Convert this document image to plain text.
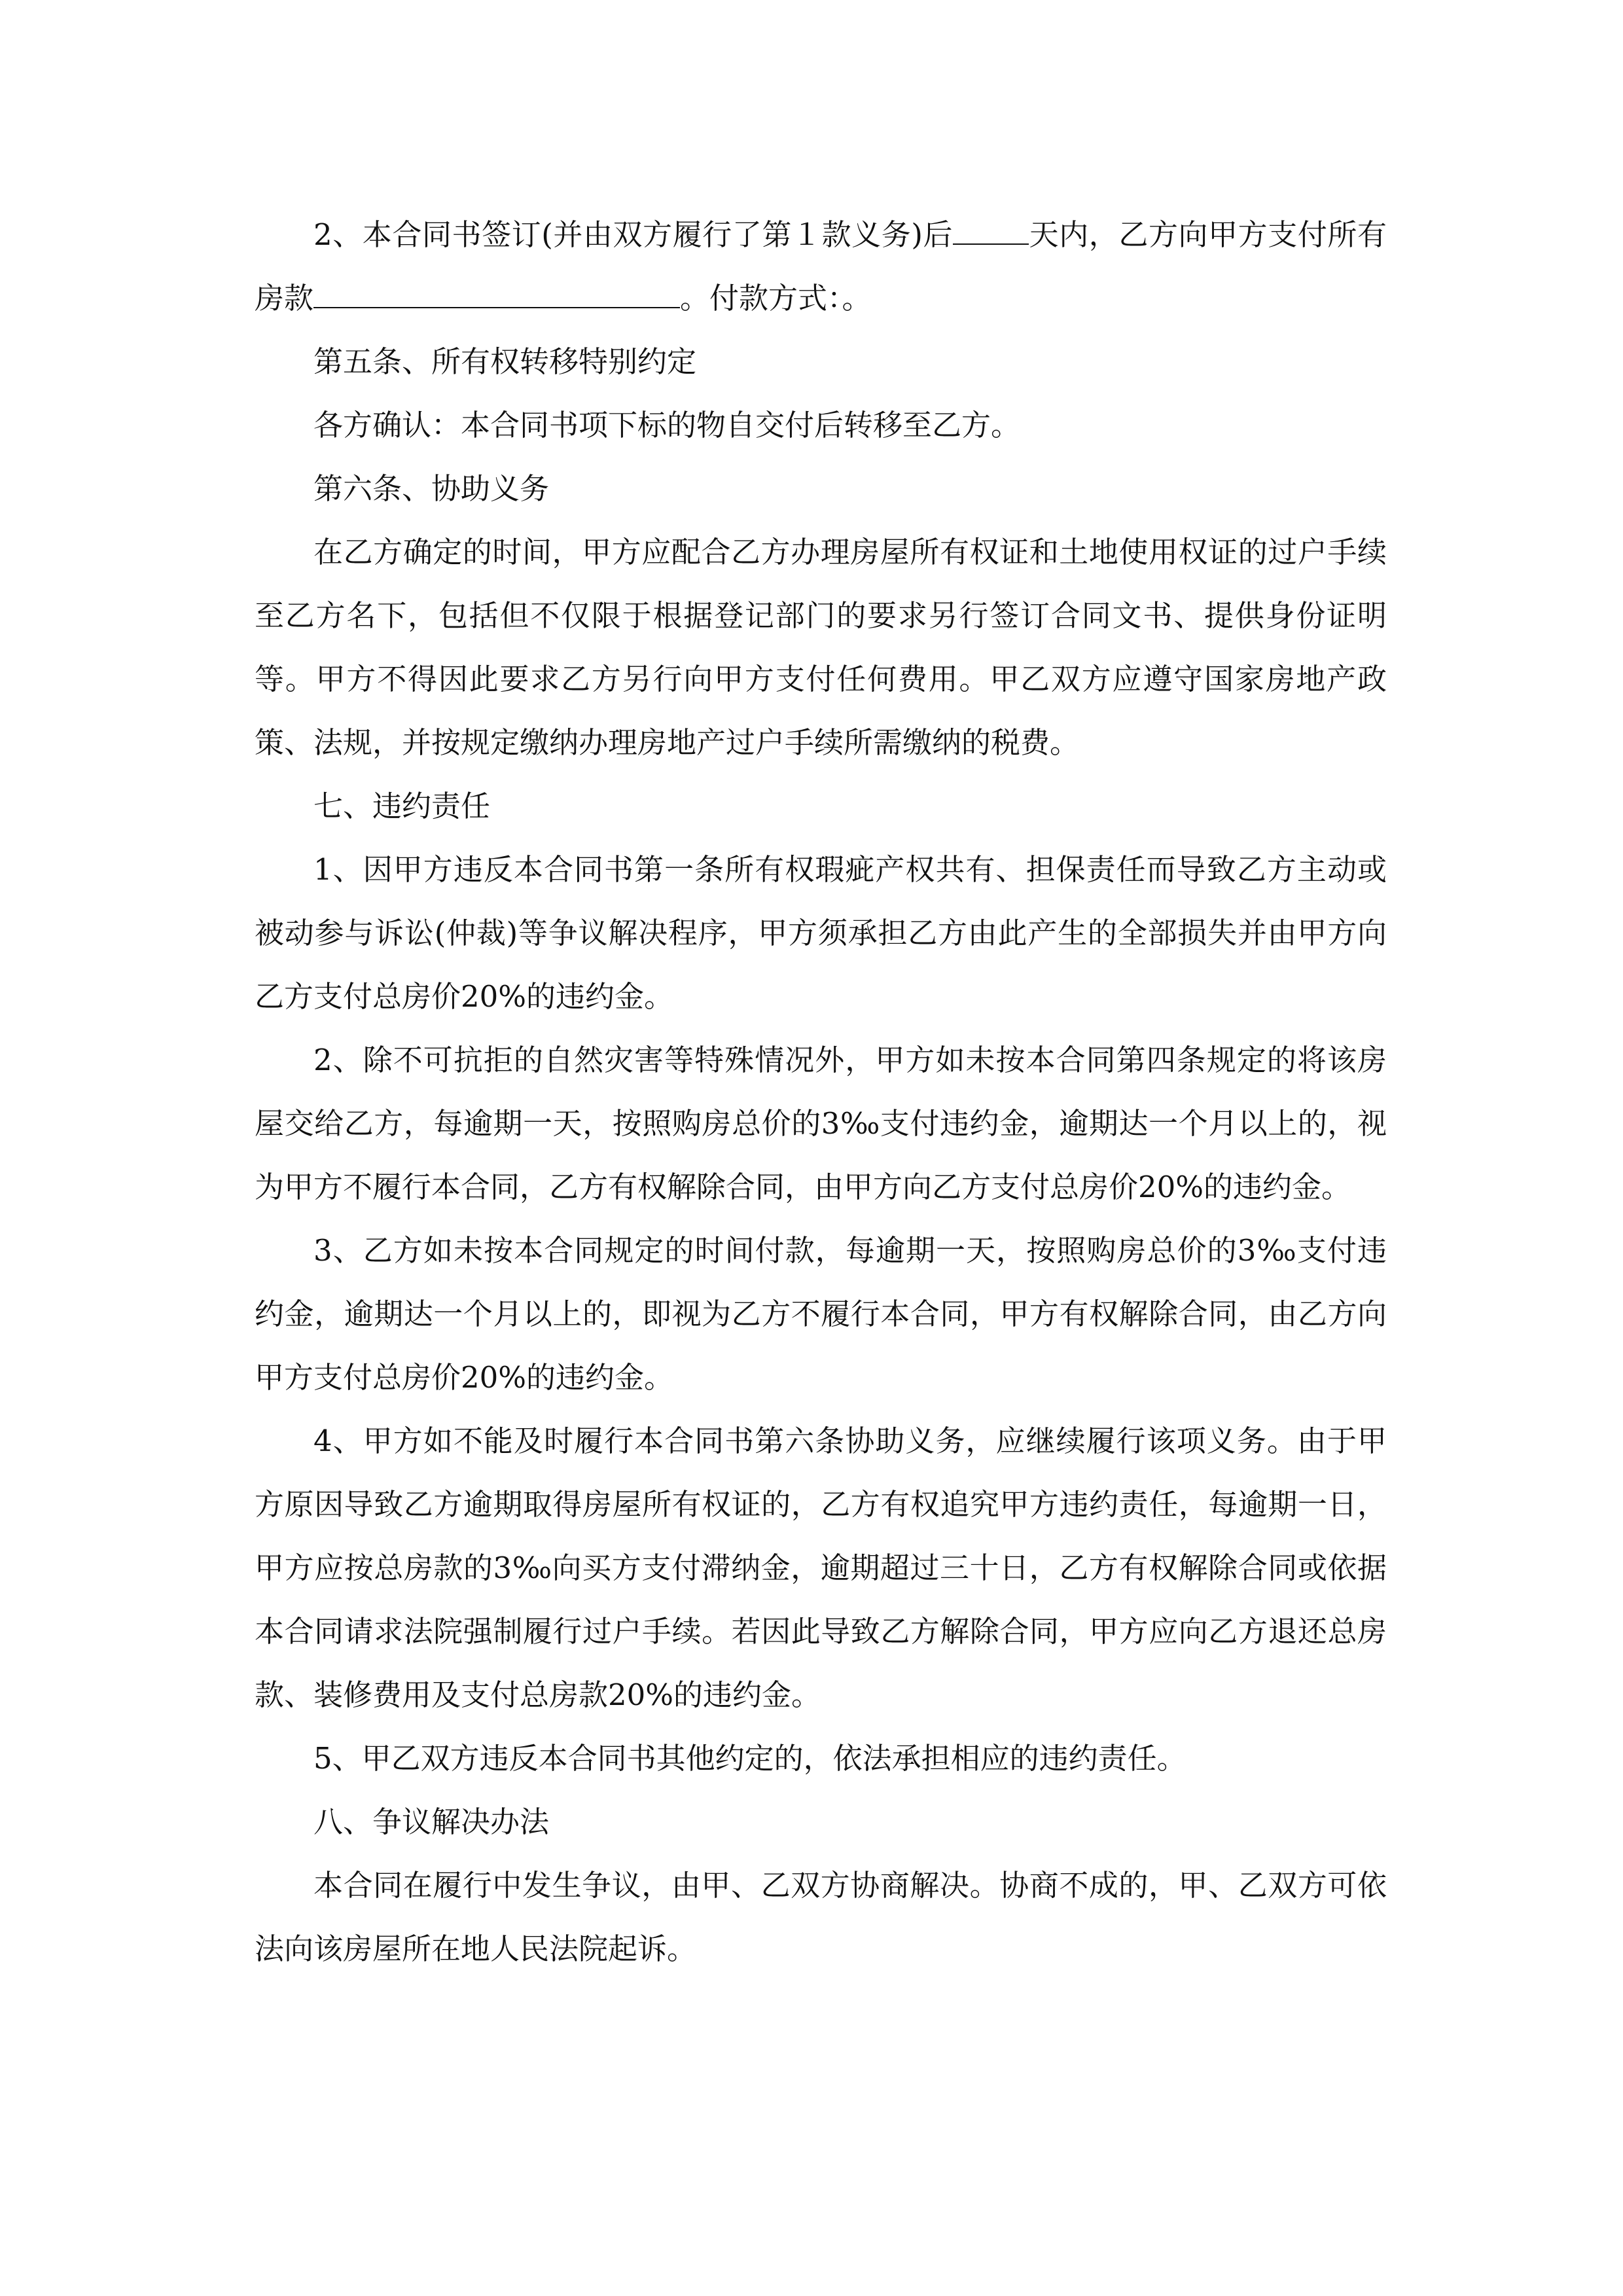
2、本合同书签订(并由双方履行了第１款义务)后	天内，乙方向甲方支付所有房款	。付款方式：。

第五条、所有权转移特别约定

各方确认：本合同书项下标的物自交付后转移至乙方。

第六条、协助义务

在乙方确定的时间，甲方应配合乙方办理房屋所有权证和土地使用权证的过户手续至乙方名下，包括但不仅限于根据登记部门的要求另行签订合同文书、提供身份证明等。甲方不得因此要求乙方另行向甲方支付任何费用。甲乙双方应遵守国家房地产政策、法规，并按规定缴纳办理房地产过户手续所需缴纳的税费。

七、违约责任

1、因甲方违反本合同书第一条所有权瑕疵产权共有、担保责任而导致乙方主动或被动参与诉讼(仲裁)等争议解决程序，甲方须承担乙方由此产生的全部损失并由甲方向乙方支付总房价20%的违约金。

2、除不可抗拒的自然灾害等特殊情况外，甲方如未按本合同第四条规定的将该房屋交给乙方，每逾期一天，按照购房总价的3‰支付违约金，逾期达一个月以上的，视为甲方不履行本合同，乙方有权解除合同，由甲方向乙方支付总房价20%的违约金。

3、乙方如未按本合同规定的时间付款，每逾期一天，按照购房总价的3‰支付违约金，逾期达一个月以上的，即视为乙方不履行本合同，甲方有权解除合同，由乙方向甲方支付总房价20%的违约金。

4、甲方如不能及时履行本合同书第六条协助义务，应继续履行该项义务。由于甲方原因导致乙方逾期取得房屋所有权证的，乙方有权追究甲方违约责任，每逾期一日，甲方应按总房款的3‰向买方支付滞纳金，逾期超过三十日，乙方有权解除合同或依据本合同请求法院强制履行过户手续。若因此导致乙方解除合同，甲方应向乙方退还总房款、装修费用及支付总房款20%的违约金。

5、甲乙双方违反本合同书其他约定的，依法承担相应的违约责任。

八、争议解决办法

本合同在履行中发生争议，由甲、乙双方协商解决。协商不成的，甲、乙双方可依法向该房屋所在地人民法院起诉。
